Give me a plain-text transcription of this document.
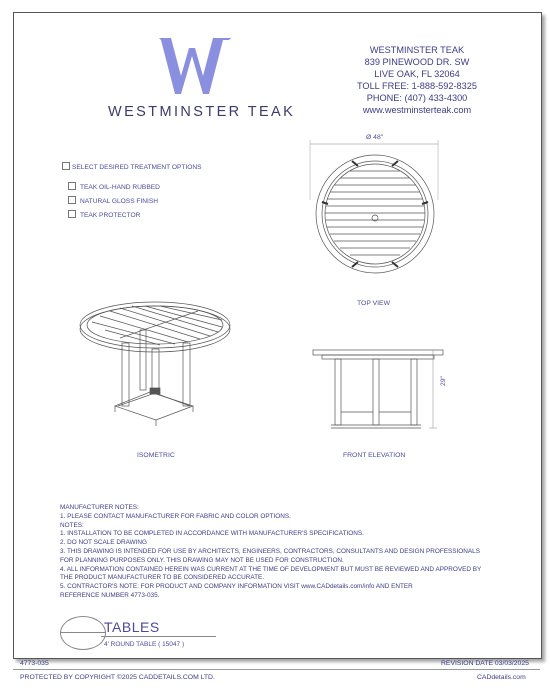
WESTMINSTER TEAK
WESTMINSTER TEAK
839 PINEWOOD DR. SW
LIVE OAK, FL 32064
TOLL FREE: 1-888-592-8325
PHONE: (407) 433-4300
www.westminsterteak.com
SELECT DESIRED TREATMENT OPTIONS
TEAK OIL-HAND RUBBED
NATURAL GLOSS FINISH
TEAK PROTECTOR
Ø 48"
TOP VIEW
ISOMETRIC	FRONT ELEVATION
29"
MANUFACTURER NOTES:
1. PLEASE CONTACT MANUFACTURER FOR FABRIC AND COLOR OPTIONS.
NOTES:
1. INSTALLATION TO BE COMPLETED IN ACCORDANCE WITH MANUFACTURER'S SPECIFICATIONS.
2. DO NOT SCALE DRAWING
3. THIS DRAWING IS INTENDED FOR USE BY ARCHITECTS, ENGINEERS, CONTRACTORS, CONSULTANTS AND DESIGN PROFESSIONALS
FOR PLANNING PURPOSES ONLY. THIS DRAWING MAY NOT BE USED FOR CONSTRUCTION.
4. ALL INFORMATION CONTAINED HEREIN WAS CURRENT AT THE TIME OF DEVELOPMENT BUT MUST BE REVIEWED AND APPROVED BY
THE PRODUCT MANUFACTURER TO BE CONSIDERED ACCURATE.
5. CONTRACTOR'S NOTE: FOR PRODUCT AND COMPANY INFORMATION VISIT www.CADdetails.com/info AND ENTER
REFERENCE NUMBER 4773-035.
TABLES
4' ROUND TABLE ( 15047 )
4773-035	REVISION DATE 03/03/2025
PROTECTED BY COPYRIGHT ©2025 CADDETAILS.COM LTD.	CADdetails.com
